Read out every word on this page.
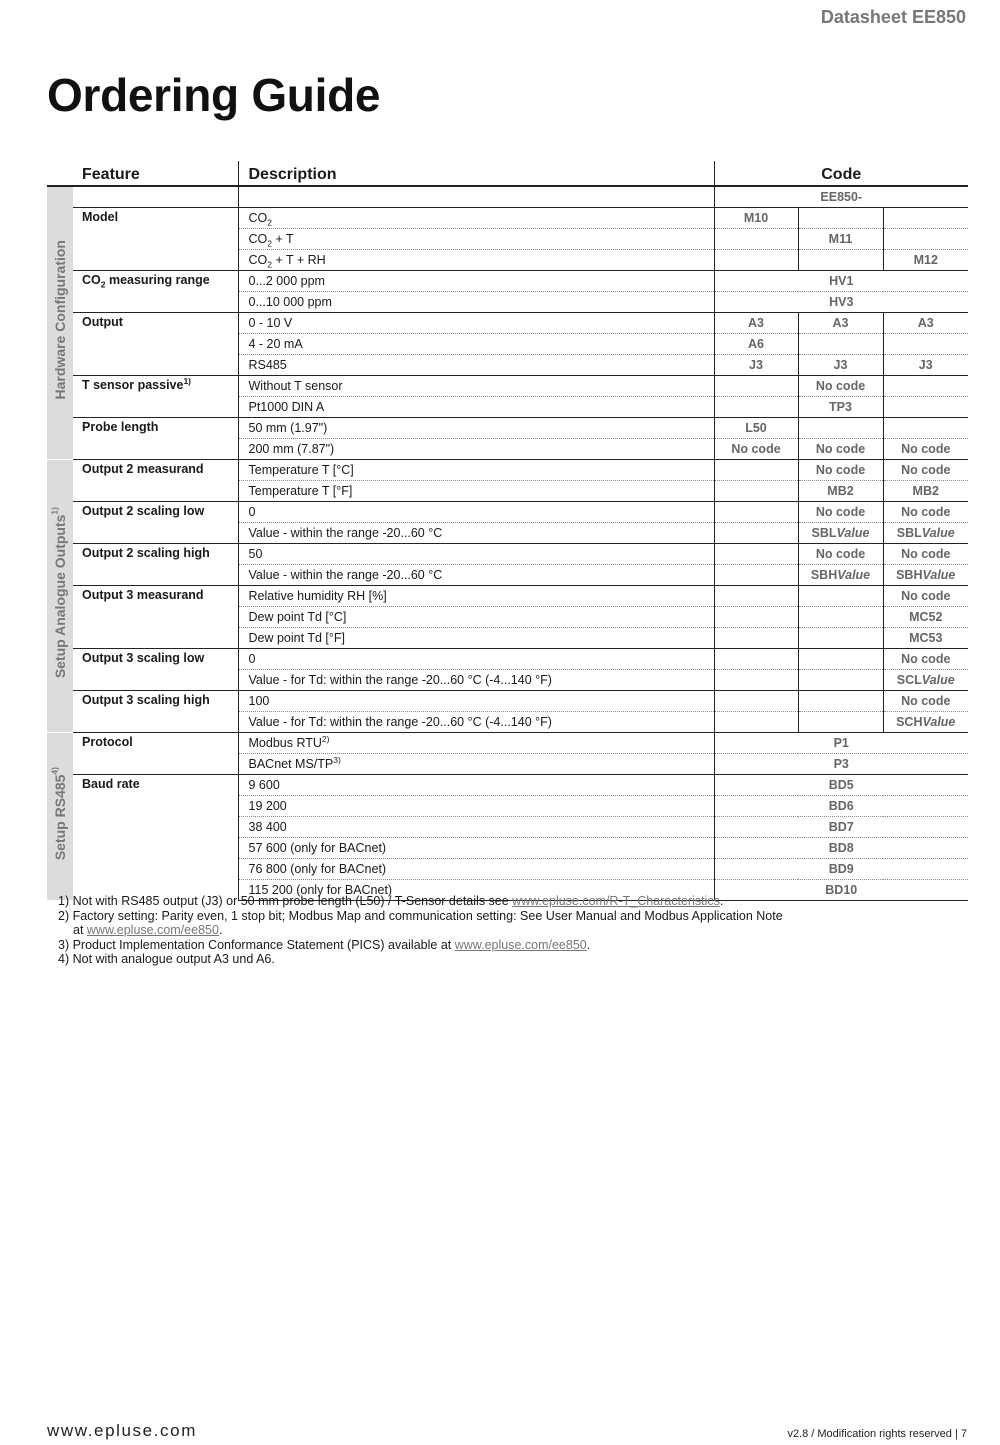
Datasheet EE850
Ordering Guide
	Feature	Description	Code		
Hardware Configuration			EE850-		
	Model	$CO_2$	M10		
		$CO_2 + T$		M11	
		$CO_2 + T$ + RH			M12
	$CO_2$ measuring range	0...2 000 ppm	HV1		
		0...10 000 ppm	HV3		
	Output	0 - 10 V	A3	A3	A3
		4 - 20 mA	A6		
		RS485	J3	J3	J3
	T sensor passive$^{1)}$	Without T sensor		No code	
		Pt1000 DIN A		TP3	
	Probe length	50 mm (1.97")	L50		
		200 mm (7.87")	No code	No code	No code
Setup Analogue Outputs$^{1)}$	Output 2 measurand	Temperature T [°C]		No code	No code
		Temperature T [°F]		MB2	MB2
	Output 2 scaling low	0		No code	No code
		Value - within the range -20...60 °C		SBLValue	SBLValue
	Output 2 scaling high	50		No code	No code
		Value - within the range -20...60 °C		SBHValue	SBHValue
	Output 3 measurand	Relative humidity RH [%]			No code
		Dew point Td [°C]			MC52
		Dew point Td [°F]			MC53
	Output 3 scaling low	0			No code
		Value - for Td: within the range -20...60 °C (-4...140 °F)			SCLValue
	Output 3 scaling high	100			No code
		Value - for Td: within the range -20...60 °C (-4...140 °F)			SCHValue
Setup RS485$^{4)}$	Protocol	Modbus RTU$^{2)}$	P1		
		BACnet MS/TP$^{3)}$	P3		
	Baud rate	9 600	BD5		
		19 200	BD6		
		38 400	BD7		
		57 600 (only for BACnet)	BD8		
		76 800 (only for BACnet)	BD9		
		115 200 (only for BACnet)	BD10		
1) Not with RS485 output (J3) or 50 mm probe length (L50) / T-Sensor details see www.epluse.com/R-T_Characteristics.
2) Factory setting: Parity even, 1 stop bit; Modbus Map and communication setting: See User Manual and Modbus Application Note
at www.epluse.com/ee850.
3) Product Implementation Conformance Statement (PICS) available at www.epluse.com/ee850.
4) Not with analogue output A3 und A6.
www.epluse.com	v2.8 / Modification rights reserved | 7
